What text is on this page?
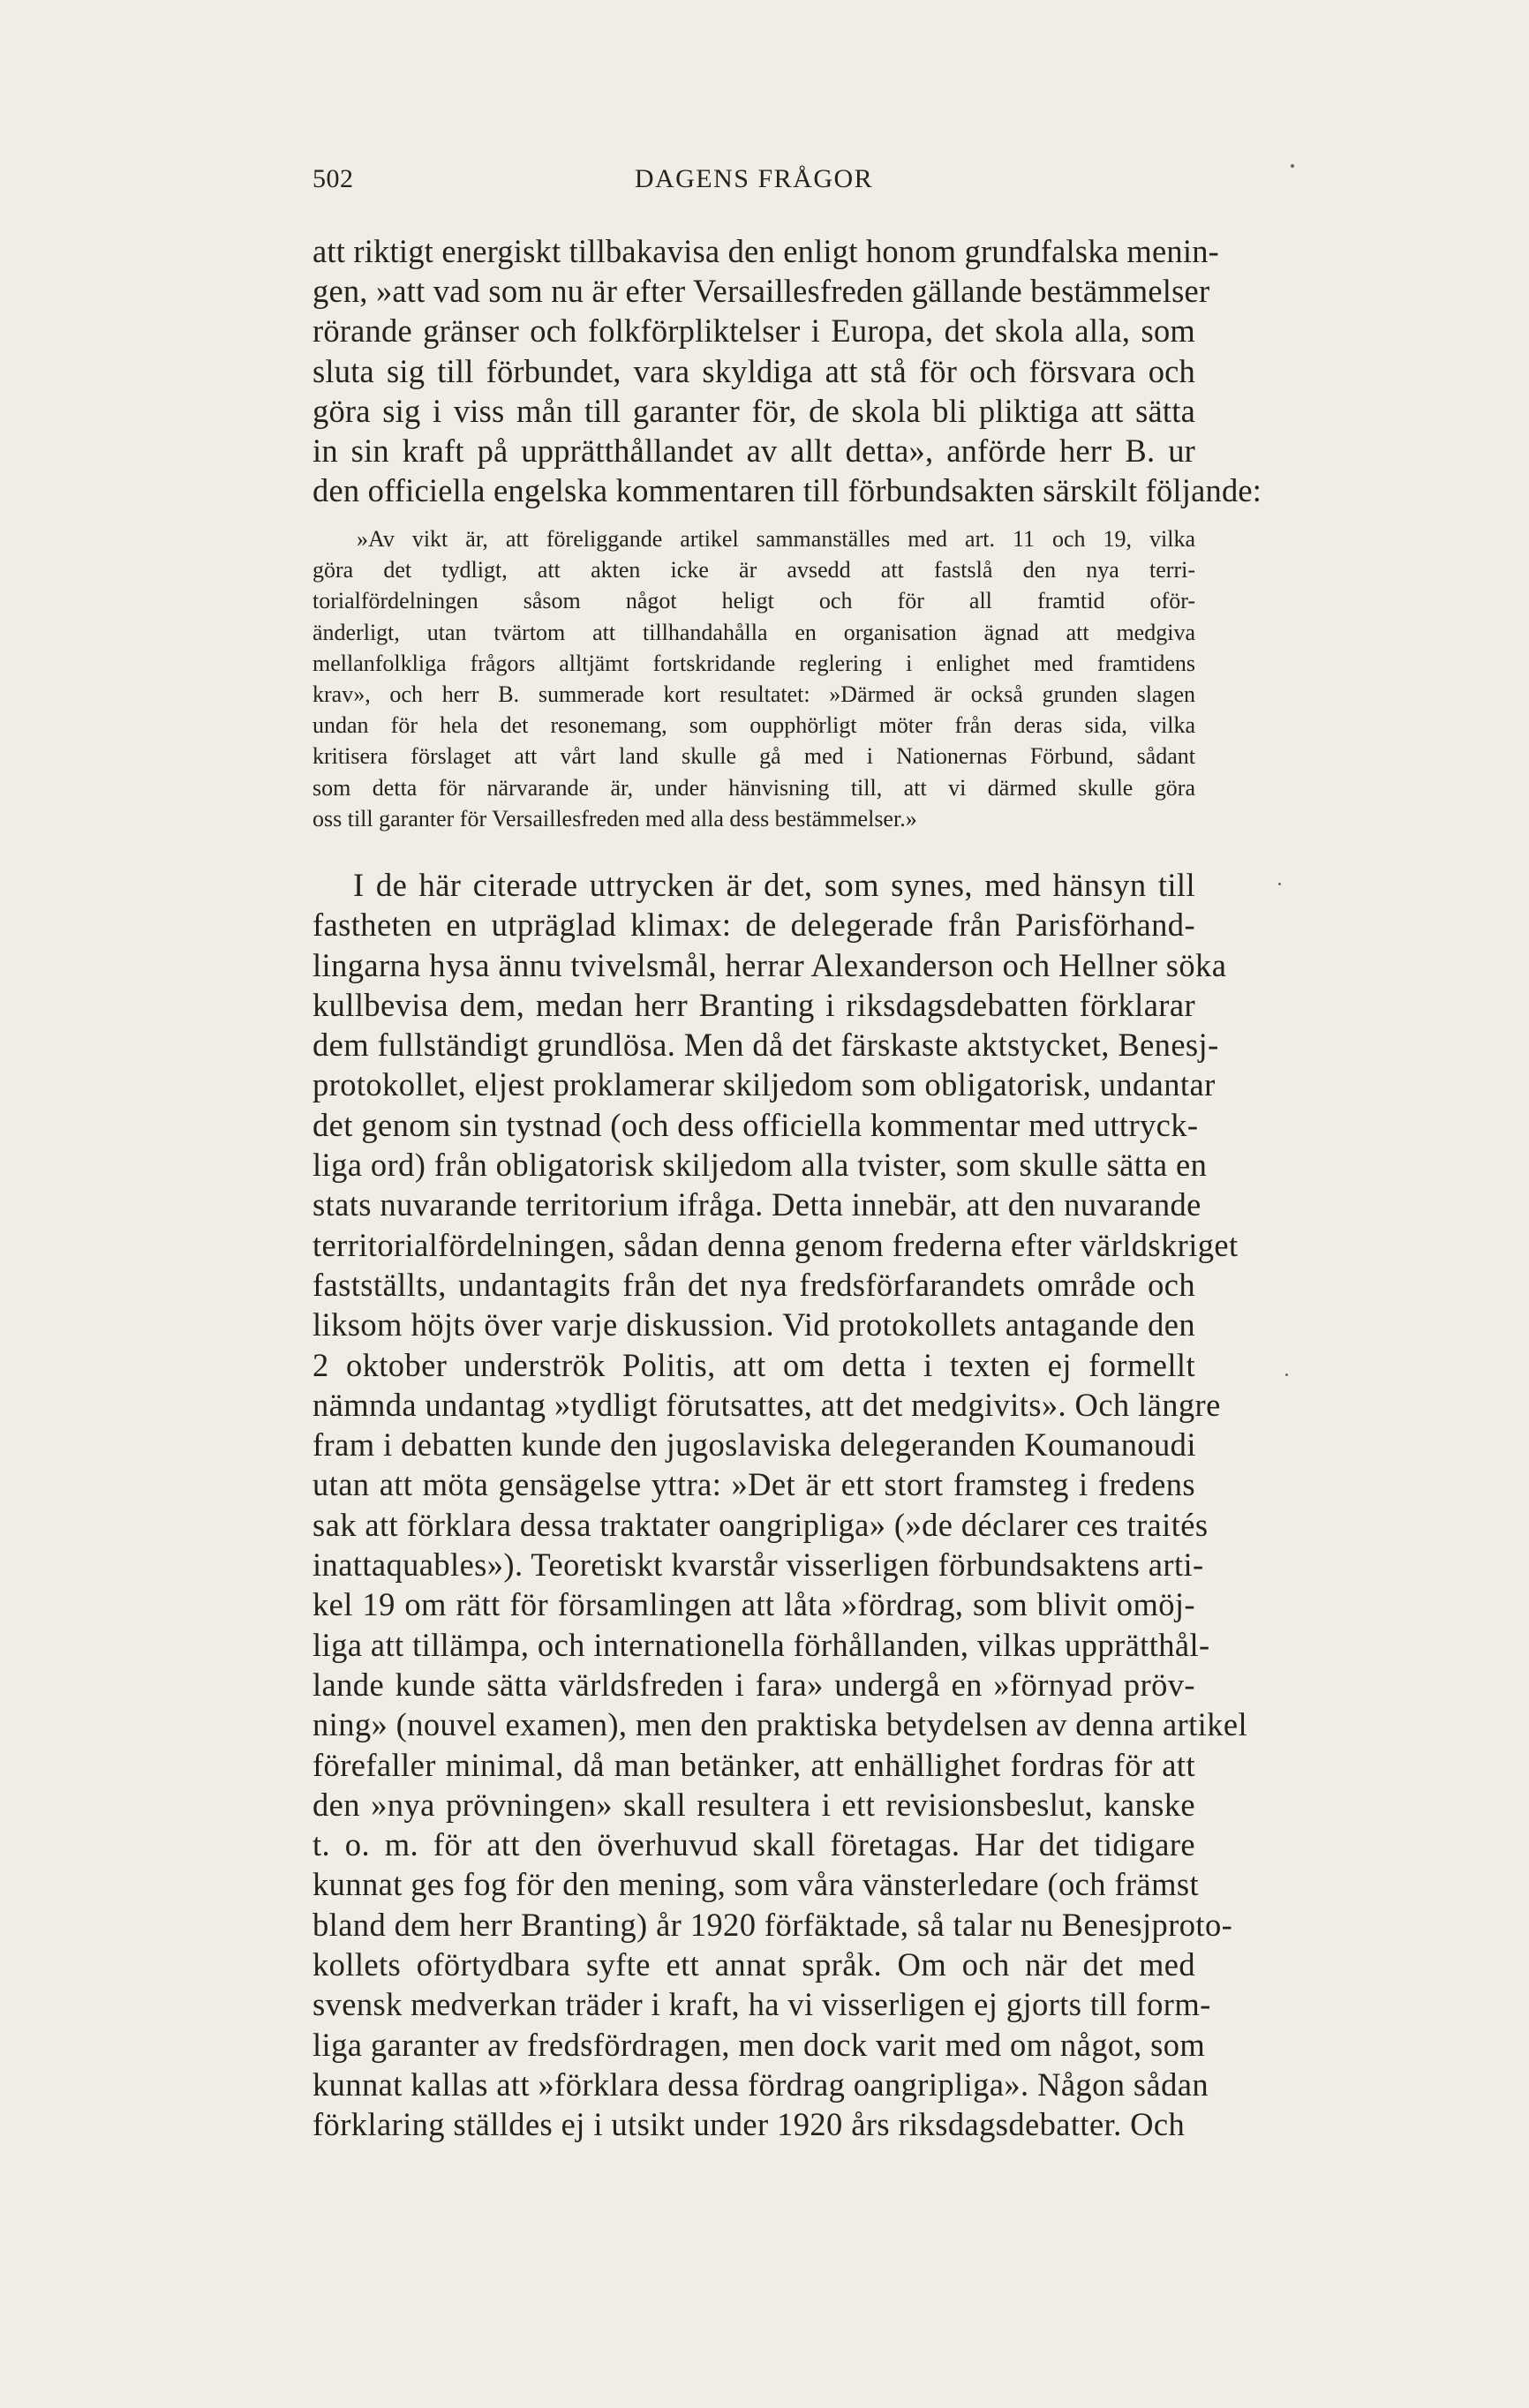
502	DAGENS FRÅGOR
att riktigt energiskt tillbakavisa den enligt honom grundfalska menin-
gen, »att vad som nu är efter Versaillesfreden gällande bestämmelser
rörande gränser och folkförpliktelser i Europa, det skola alla, som
sluta sig till förbundet, vara skyldiga att stå för och försvara och
göra sig i viss mån till garanter för, de skola bli pliktiga att sätta
in sin kraft på upprätthållandet av allt detta», anförde herr B. ur
den officiella engelska kommentaren till förbundsakten särskilt följande:
»Av vikt är, att föreliggande artikel sammanställes med art. 11 och 19, vilka
göra det tydligt, att akten icke är avsedd att fastslå den nya terri-
torialfördelningen såsom något heligt och för all framtid oför-
änderligt, utan tvärtom att tillhandahålla en organisation ägnad att medgiva
mellanfolkliga frågors alltjämt fortskridande reglering i enlighet med framtidens
krav», och herr B. summerade kort resultatet: »Därmed är också grunden slagen
undan för hela det resonemang, som oupphörligt möter från deras sida, vilka
kritisera förslaget att vårt land skulle gå med i Nationernas Förbund, sådant
som detta för närvarande är, under hänvisning till, att vi därmed skulle göra
oss till garanter för Versaillesfreden med alla dess bestämmelser.»
I de här citerade uttrycken är det, som synes, med hänsyn till
fastheten en utpräglad klimax: de delegerade från Parisförhand-
lingarna hysa ännu tvivelsmål, herrar Alexanderson och Hellner söka
kullbevisa dem, medan herr Branting i riksdagsdebatten förklarar
dem fullständigt grundlösa. Men då det färskaste aktstycket, Benesj-
protokollet, eljest proklamerar skiljedom som obligatorisk, undantar
det genom sin tystnad (och dess officiella kommentar med uttryck-
liga ord) från obligatorisk skiljedom alla tvister, som skulle sätta en
stats nuvarande territorium ifråga. Detta innebär, att den nuvarande
territorialfördelningen, sådan denna genom frederna efter världskriget
fastställts, undantagits från det nya fredsförfarandets område och
liksom höjts över varje diskussion. Vid protokollets antagande den
2 oktober underströk Politis, att om detta i texten ej formellt
nämnda undantag »tydligt förutsattes, att det medgivits». Och längre
fram i debatten kunde den jugoslaviska delegeranden Koumanoudi
utan att möta gensägelse yttra: »Det är ett stort framsteg i fredens
sak att förklara dessa traktater oangripliga» (»de déclarer ces traités
inattaquables»). Teoretiskt kvarstår visserligen förbundsaktens arti-
kel 19 om rätt för församlingen att låta »fördrag, som blivit omöj-
liga att tillämpa, och internationella förhållanden, vilkas upprätthål-
lande kunde sätta världsfreden i fara» undergå en »förnyad pröv-
ning» (nouvel examen), men den praktiska betydelsen av denna artikel
förefaller minimal, då man betänker, att enhällighet fordras för att
den »nya prövningen» skall resultera i ett revisionsbeslut, kanske
t. o. m. för att den överhuvud skall företagas. Har det tidigare
kunnat ges fog för den mening, som våra vänsterledare (och främst
bland dem herr Branting) år 1920 förfäktade, så talar nu Benesjproto-
kollets oförtydbara syfte ett annat språk. Om och när det med
svensk medverkan träder i kraft, ha vi visserligen ej gjorts till form-
liga garanter av fredsfördragen, men dock varit med om något, som
kunnat kallas att »förklara dessa fördrag oangripliga». Någon sådan
förklaring ställdes ej i utsikt under 1920 års riksdagsdebatter. Och
